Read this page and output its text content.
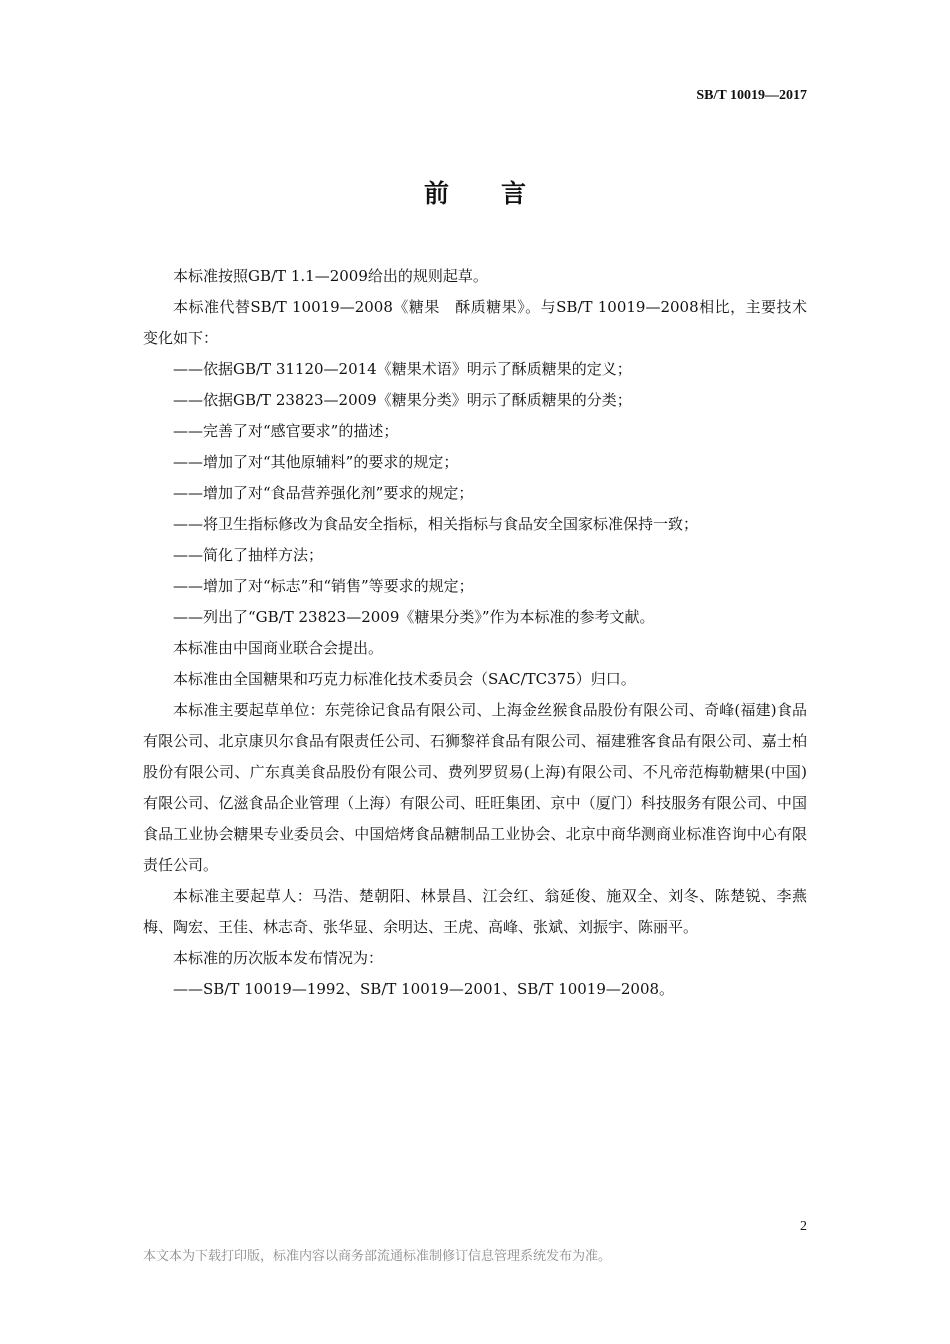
SB/T 10019—2017
前 言

本标准按照GB/T 1.1—2009给出的规则起草。

本标准代替SB/T 10019—2008《糖果　酥质糖果》。与SB/T 10019—2008相比，主要技术变化如下：

——依据GB/T 31120—2014《糖果术语》明示了酥质糖果的定义；

——依据GB/T 23823—2009《糖果分类》明示了酥质糖果的分类；

——完善了对“感官要求”的描述；

——增加了对“其他原辅料”的要求的规定；

——增加了对“食品营养强化剂”要求的规定；

——将卫生指标修改为食品安全指标，相关指标与食品安全国家标准保持一致；

——简化了抽样方法；

——增加了对“标志”和“销售”等要求的规定；

——列出了“GB/T 23823—2009《糖果分类》”作为本标准的参考文献。

本标准由中国商业联合会提出。

本标准由全国糖果和巧克力标准化技术委员会（SAC/TC375）归口。

本标准主要起草单位：东莞徐记食品有限公司、上海金丝猴食品股份有限公司、奇峰(福建)食品有限公司、北京康贝尔食品有限责任公司、石狮黎祥食品有限公司、福建雅客食品有限公司、嘉士柏股份有限公司、广东真美食品股份有限公司、费列罗贸易(上海)有限公司、不凡帝范梅勒糖果(中国)有限公司、亿滋食品企业管理（上海）有限公司、旺旺集团、京中（厦门）科技服务有限公司、中国食品工业协会糖果专业委员会、中国焙烤食品糖制品工业协会、北京中商华测商业标准咨询中心有限责任公司。

本标准主要起草人：马浩、楚朝阳、林景昌、江会红、翁延俊、施双全、刘冬、陈楚锐、李燕梅、陶宏、王佳、林志奇、张华显、余明达、王虎、高峰、张斌、刘振宇、陈丽平。

本标准的历次版本发布情况为：

——SB/T 10019—1992、SB/T 10019—2001、SB/T 10019—2008。

2
本文本为下载打印版，标准内容以商务部流通标准制修订信息管理系统发布为准。
